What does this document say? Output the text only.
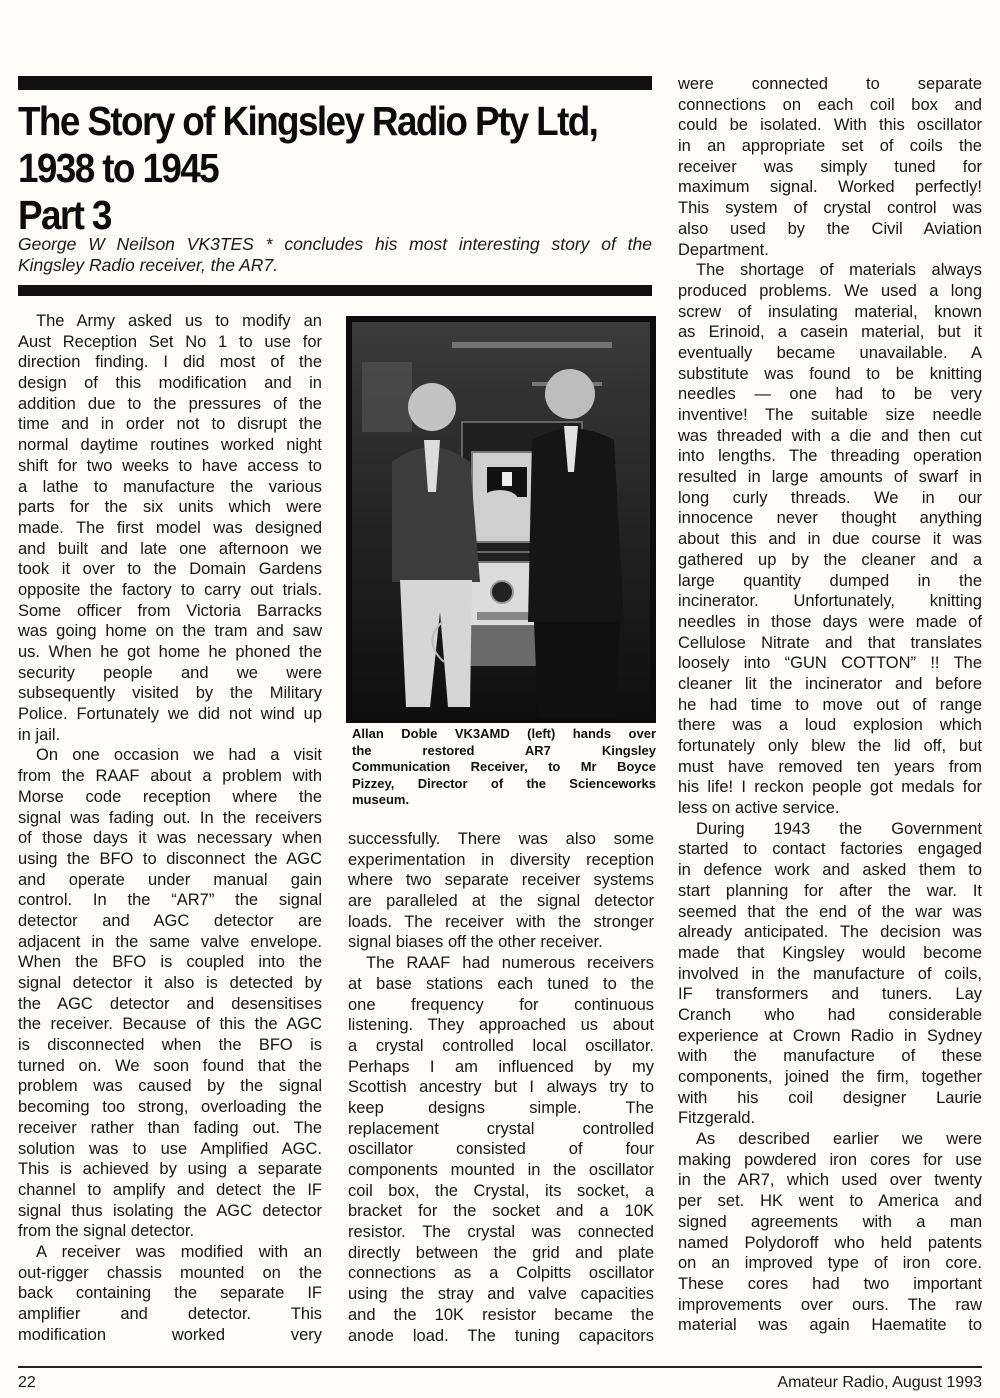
The Story of Kingsley Radio Pty Ltd,
1938 to 1945
Part 3

George W Neilson VK3TES * concludes his most interesting story of the
Kingsley Radio receiver, the AR7.

The Army asked us to modify an
Aust Reception Set No 1 to use for
direction finding. I did most of the
design of this modification and in
addition due to the pressures of the
time and in order not to disrupt the
normal daytime routines worked night
shift for two weeks to have access to
a lathe to manufacture the various
parts for the six units which were
made. The first model was designed
and built and late one afternoon we
took it over to the Domain Gardens
opposite the factory to carry out trials.
Some officer from Victoria Barracks
was going home on the tram and saw
us. When he got home he phoned the
security people and we were
subsequently visited by the Military
Police. Fortunately we did not wind up
in jail.
On one occasion we had a visit
from the RAAF about a problem with
Morse code reception where the
signal was fading out. In the receivers
of those days it was necessary when
using the BFO to disconnect the AGC
and operate under manual gain
control. In the “AR7” the signal
detector and AGC detector are
adjacent in the same valve envelope.
When the BFO is coupled into the
signal detector it also is detected by
the AGC detector and desensitises
the receiver. Because of this the AGC
is disconnected when the BFO is
turned on. We soon found that the
problem was caused by the signal
becoming too strong, overloading the
receiver rather than fading out. The
solution was to use Amplified AGC.
This is achieved by using a separate
channel to amplify and detect the IF
signal thus isolating the AGC detector
from the signal detector.
A receiver was modified with an
out-rigger chassis mounted on the
back containing the separate IF
amplifier and detector. This
modification worked very
successfully. There was also some
experimentation in diversity reception
where two separate receiver systems
are paralleled at the signal detector
loads. The receiver with the stronger
signal biases off the other receiver.
The RAAF had numerous receivers
at base stations each tuned to the
one frequency for continuous
listening. They approached us about
a crystal controlled local oscillator.
Perhaps I am influenced by my
Scottish ancestry but I always try to
keep designs simple. The
replacement crystal controlled
oscillator consisted of four
components mounted in the oscillator
coil box, the Crystal, its socket, a
bracket for the socket and a 10K
resistor. The crystal was connected
directly between the grid and plate
connections as a Colpitts oscillator
using the stray and valve capacities
and the 10K resistor became the
anode load. The tuning capacitors
were connected to separate
connections on each coil box and
could be isolated. With this oscillator
in an appropriate set of coils the
receiver was simply tuned for
maximum signal. Worked perfectly!
This system of crystal control was
also used by the Civil Aviation
Department.
The shortage of materials always
produced problems. We used a long
screw of insulating material, known
as Erinoid, a casein material, but it
eventually became unavailable. A
substitute was found to be knitting
needles — one had to be very
inventive! The suitable size needle
was threaded with a die and then cut
into lengths. The threading operation
resulted in large amounts of swarf in
long curly threads. We in our
innocence never thought anything
about this and in due course it was
gathered up by the cleaner and a
large quantity dumped in the
incinerator. Unfortunately, knitting
needles in those days were made of
Cellulose Nitrate and that translates
loosely into “GUN COTTON” !! The
cleaner lit the incinerator and before
he had time to move out of range
there was a loud explosion which
fortunately only blew the lid off, but
must have removed ten years from
his life! I reckon people got medals for
less on active service.
During 1943 the Government
started to contact factories engaged
in defence work and asked them to
start planning for after the war. It
seemed that the end of the war was
already anticipated. The decision was
made that Kingsley would become
involved in the manufacture of coils,
IF transformers and tuners. Lay
Cranch who had considerable
experience at Crown Radio in Sydney
with the manufacture of these
components, joined the firm, together
with his coil designer Laurie
Fitzgerald.
As described earlier we were
making powdered iron cores for use
in the AR7, which used over twenty
per set. HK went to America and
signed agreements with a man
named Polydoroff who held patents
on an improved type of iron core.
These cores had two important
improvements over ours. The raw
material was again Haematite to
Allan Doble VK3AMD (left) hands over
the restored AR7 Kingsley
Communication Receiver, to Mr Boyce
Pizzey, Director of the Scienceworks
museum.
22	Amateur Radio, August 1993
